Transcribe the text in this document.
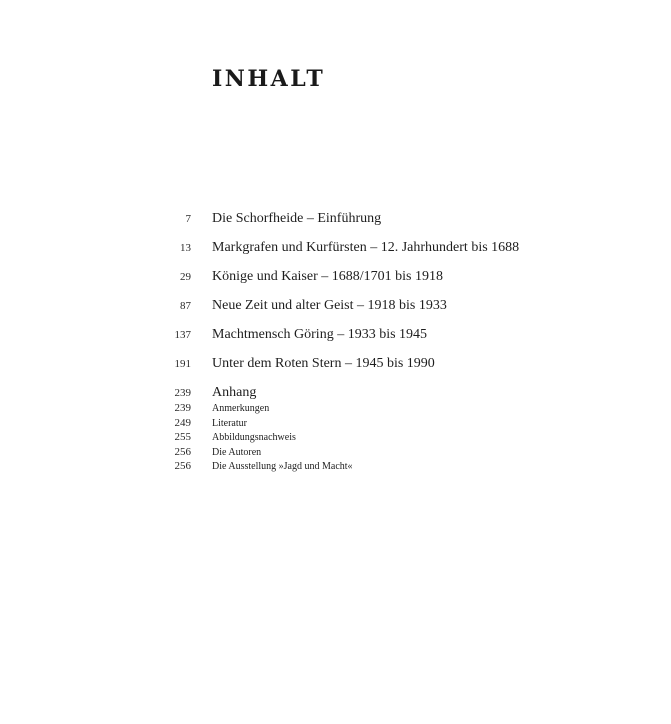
INHALT
7 Die Schorfheide – Einführung
13 Markgrafen und Kurfürsten – 12. Jahrhundert bis 1688
29 Könige und Kaiser – 1688/1701 bis 1918
87 Neue Zeit und alter Geist – 1918 bis 1933
137 Machtmensch Göring – 1933 bis 1945
191 Unter dem Roten Stern – 1945 bis 1990
239 Anhang
239 Anmerkungen
249 Literatur
255 Abbildungsnachweis
256 Die Autoren
256 Die Ausstellung »Jagd und Macht«
